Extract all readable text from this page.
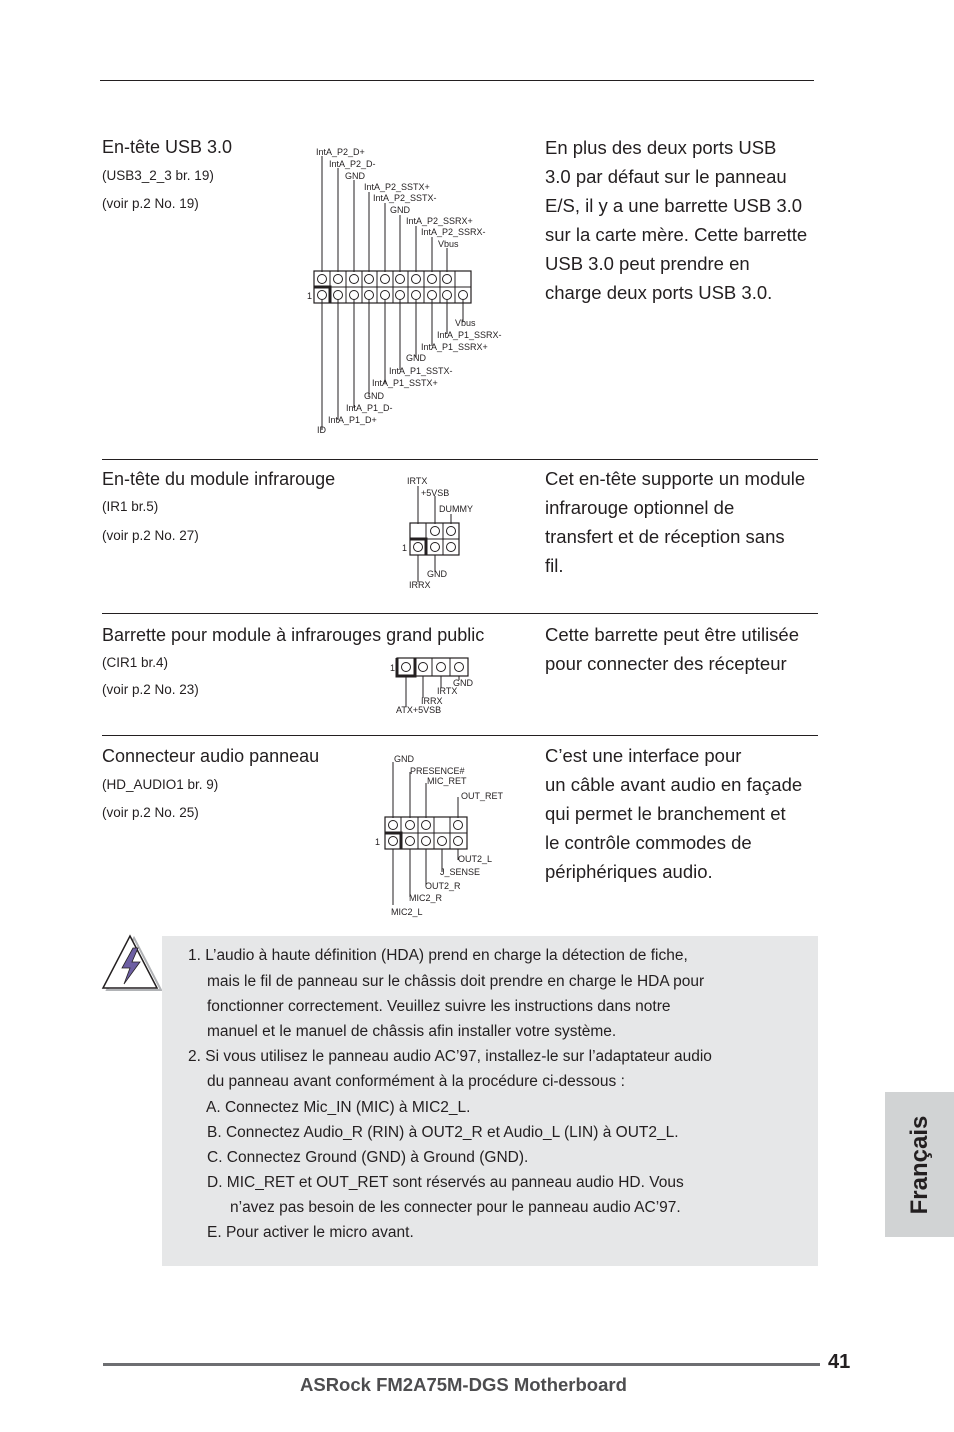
En-tête USB 3.0
(USB3_2_3 br. 19)
(voir p.2 No. 19)
En plus des deux ports USB
3.0 par défaut sur le panneau
E/S, il y a une barrette USB 3.0
sur la carte mère. Cette barrette
USB 3.0 peut prendre en
charge deux ports USB 3.0.
IntA_P2_D+
IntA_P2_D-
GND
IntA_P2_SSTX+
IntA_P2_SSTX-
GND
IntA_P2_SSRX+
IntA_P2_SSRX-
Vbus
1
Vbus
IntA_P1_SSRX-
IntA_P1_SSRX+
GND
IntA_P1_SSTX-
IntA_P1_SSTX+
GND
IntA_P1_D-
IntA_P1_D+
ID
En-tête du module infrarouge
(IR1 br.5)
(voir p.2 No. 27)
Cet en-tête supporte un module
infrarouge optionnel de
transfert et de réception sans
fil.
IRTX
+5VSB
DUMMY
1
GND
IRRX
Barrette pour module à infrarouges grand public
(CIR1 br.4)
(voir p.2 No. 23)
Cette barrette peut être utilisée
pour connecter des récepteur
1
GND
IRTX
IRRX
ATX+5VSB
Connecteur audio panneau
(HD_AUDIO1 br. 9)
(voir p.2 No. 25)
C’est une interface pour
un câble avant audio en façade
qui permet le branchement et
le contrôle commodes de
périphériques audio.
GND
PRESENCE#
MIC_RET
OUT_RET
1
OUT2_L
J_SENSE
OUT2_R
MIC2_R
MIC2_L
1. L’audio à haute définition (HDA) prend en charge la détection de fiche,
mais le fil de panneau sur le châssis doit prendre en charge le HDA pour
fonctionner correctement. Veuillez suivre les instructions dans notre
manuel et le manuel de châssis afin installer votre système.
2. Si vous utilisez le panneau audio AC’97, installez-le sur l’adaptateur audio
du panneau avant conformément à la procédure ci-dessous :
A. Connectez Mic_IN (MIC) à MIC2_L.
B. Connectez Audio_R (RIN) à OUT2_R et Audio_L (LIN) à OUT2_L.
C. Connectez Ground (GND) à Ground (GND).
D. MIC_RET et OUT_RET sont réservés au panneau audio HD. Vous
n’avez pas besoin de les connecter pour le panneau audio AC’97.
E. Pour activer le micro avant.
Français
41
ASRock FM2A75M-DGS Motherboard
